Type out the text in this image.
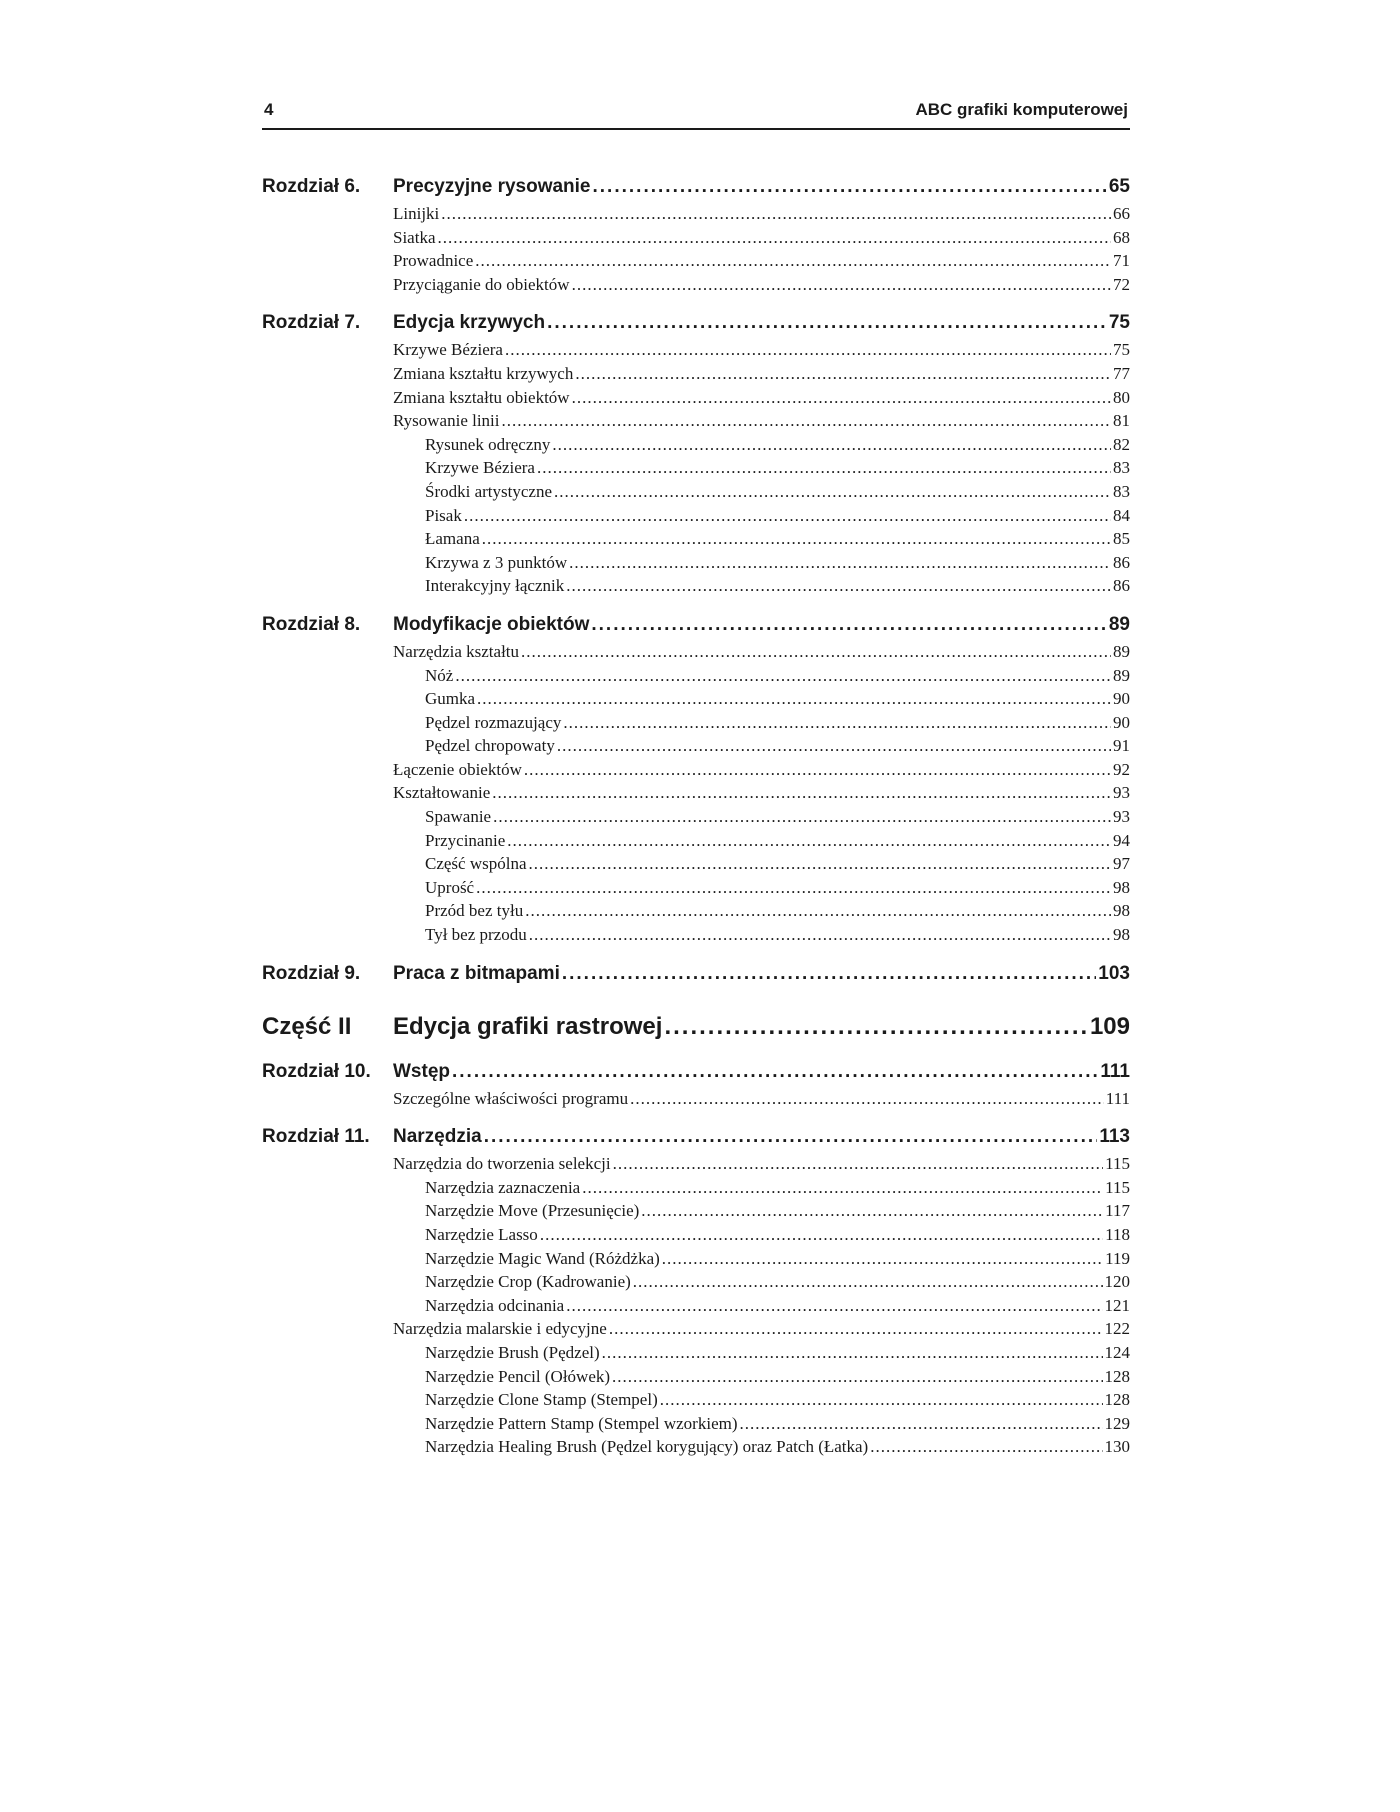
4	ABC grafiki komputerowej
Rozdział 6. Precyzyjne rysowanie .....	65
Linijki .....	66
Siatka .....	68
Prowadnice .....	71
Przyciąganie do obiektów .....	72
Rozdział 7. Edycja krzywych .....	75
Krzywe Béziera .....	75
Zmiana kształtu krzywych .....	77
Zmiana kształtu obiektów .....	80
Rysowanie linii .....	81
Rysunek odręczny .....	82
Krzywe Béziera .....	83
Środki artystyczne .....	83
Pisak .....	84
Łamana .....	85
Krzywa z 3 punktów .....	86
Interakcyjny łącznik .....	86
Rozdział 8. Modyfikacje obiektów .....	89
Narzędzia kształtu .....	89
Nóż .....	89
Gumka .....	90
Pędzel rozmazujący .....	90
Pędzel chropowaty .....	91
Łączenie obiektów .....	92
Kształtowanie .....	93
Spawanie .....	93
Przycinanie .....	94
Część wspólna .....	97
Uprość .....	98
Przód bez tyłu .....	98
Tył bez przodu .....	98
Rozdział 9. Praca z bitmapami .....	103
Część II Edycja grafiki rastrowej .....	109
Rozdział 10. Wstęp .....	111
Szczególne właściwości programu .....	111
Rozdział 11. Narzędzia .....	113
Narzędzia do tworzenia selekcji .....	115
Narzędzia zaznaczenia .....	115
Narzędzie Move (Przesunięcie) .....	117
Narzędzie Lasso .....	118
Narzędzie Magic Wand (Różdżka) .....	119
Narzędzie Crop (Kadrowanie) .....	120
Narzędzia odcinania .....	121
Narzędzia malarskie i edycyjne .....	122
Narzędzie Brush (Pędzel) .....	124
Narzędzie Pencil (Ołówek) .....	128
Narzędzie Clone Stamp (Stempel) .....	128
Narzędzie Pattern Stamp (Stempel wzorkiem) .....	129
Narzędzia Healing Brush (Pędzel korygujący) oraz Patch (Łatka) .....	130
